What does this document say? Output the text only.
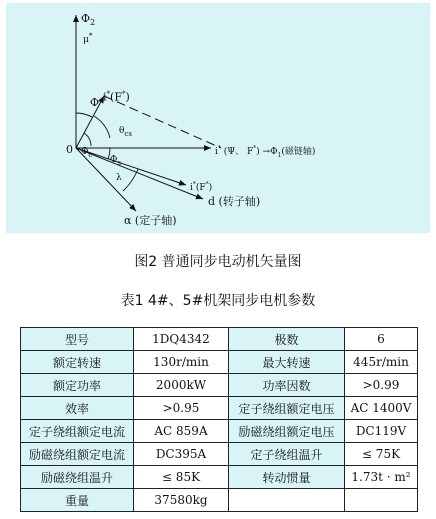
$\Phi_2$
μ*
Φ i*(F*)
$\theta_{cs}$
0 $\Phi_c$
$\Phi_s$
λ
i* (Ψ、 $F^*) \to\Phi_1$(磁链轴)
i*(F*)
d (转子轴)
α (定子轴)
图2 普通同步电动机矢量图
表1 4#、5#机架同步电机参数
型号	1DQ4342	极数	6
额定转速	130r/min	最大转速	445r/min
额定功率	2000kW	功率因数	>0.99
效率	>0.95	定子绕组额定电压	AC 1400V
定子绕组额定电流	AC 859A	励磁绕组额定电压	DC119V
励磁绕组额定电流	DC395A	定子绕组温升	≤ 75K
励磁绕组温升	≤ 85K	转动惯量	1.73t · m²
重量	37580kg		
